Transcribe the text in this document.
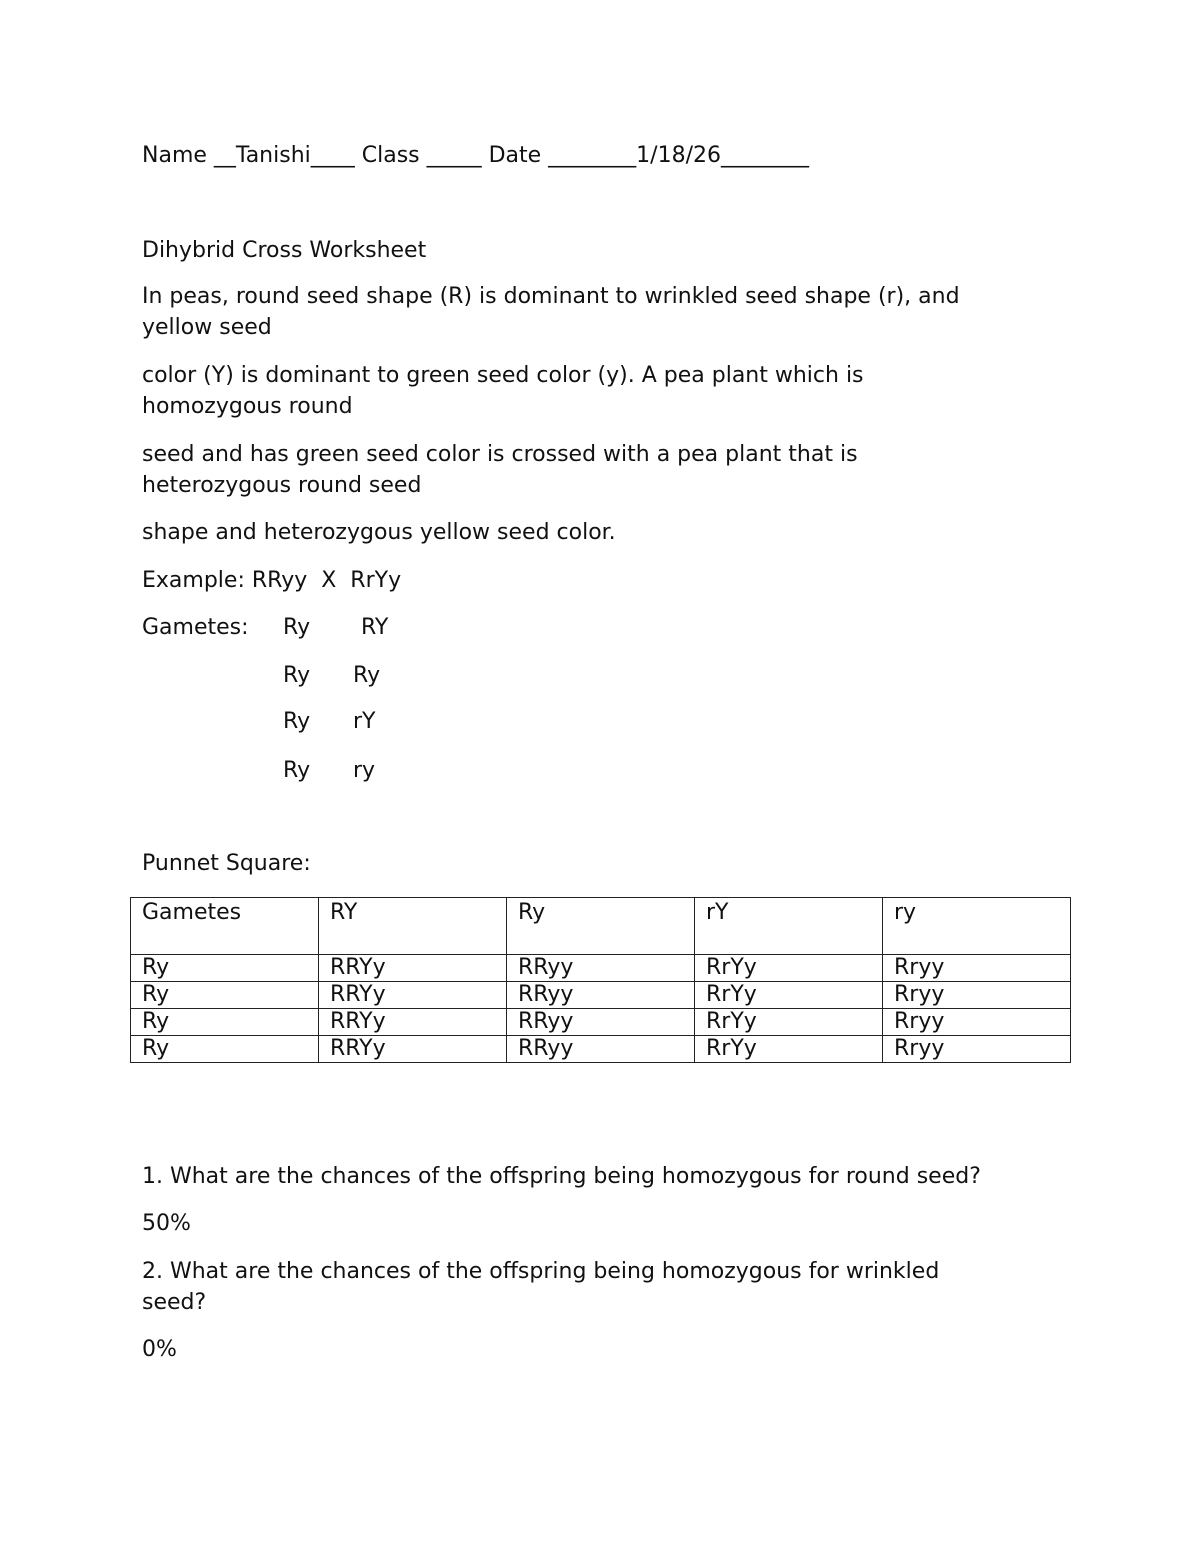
Name __Tanishi____ Class _____ Date ________1/18/26________
Dihybrid Cross Worksheet
In peas, round seed shape (R) is dominant to wrinkled seed shape (r), and
yellow seed
color (Y) is dominant to green seed color (y). A pea plant which is
homozygous round
seed and has green seed color is crossed with a pea plant that is
heterozygous round seed
shape and heterozygous yellow seed color.
Example: RRyy  X  RrYy
Gametes: Ry RY
Ry Ry
Ry rY
Ry ry
Punnet Square:
Gametes	RY	Ry	rY	ry
Ry	RRYy	RRyy	RrYy	Rryy
Ry	RRYy	RRyy	RrYy	Rryy
Ry	RRYy	RRyy	RrYy	Rryy
Ry	RRYy	RRyy	RrYy	Rryy
1. What are the chances of the offspring being homozygous for round seed?
50%
2. What are the chances of the offspring being homozygous for wrinkled
seed?
0%
